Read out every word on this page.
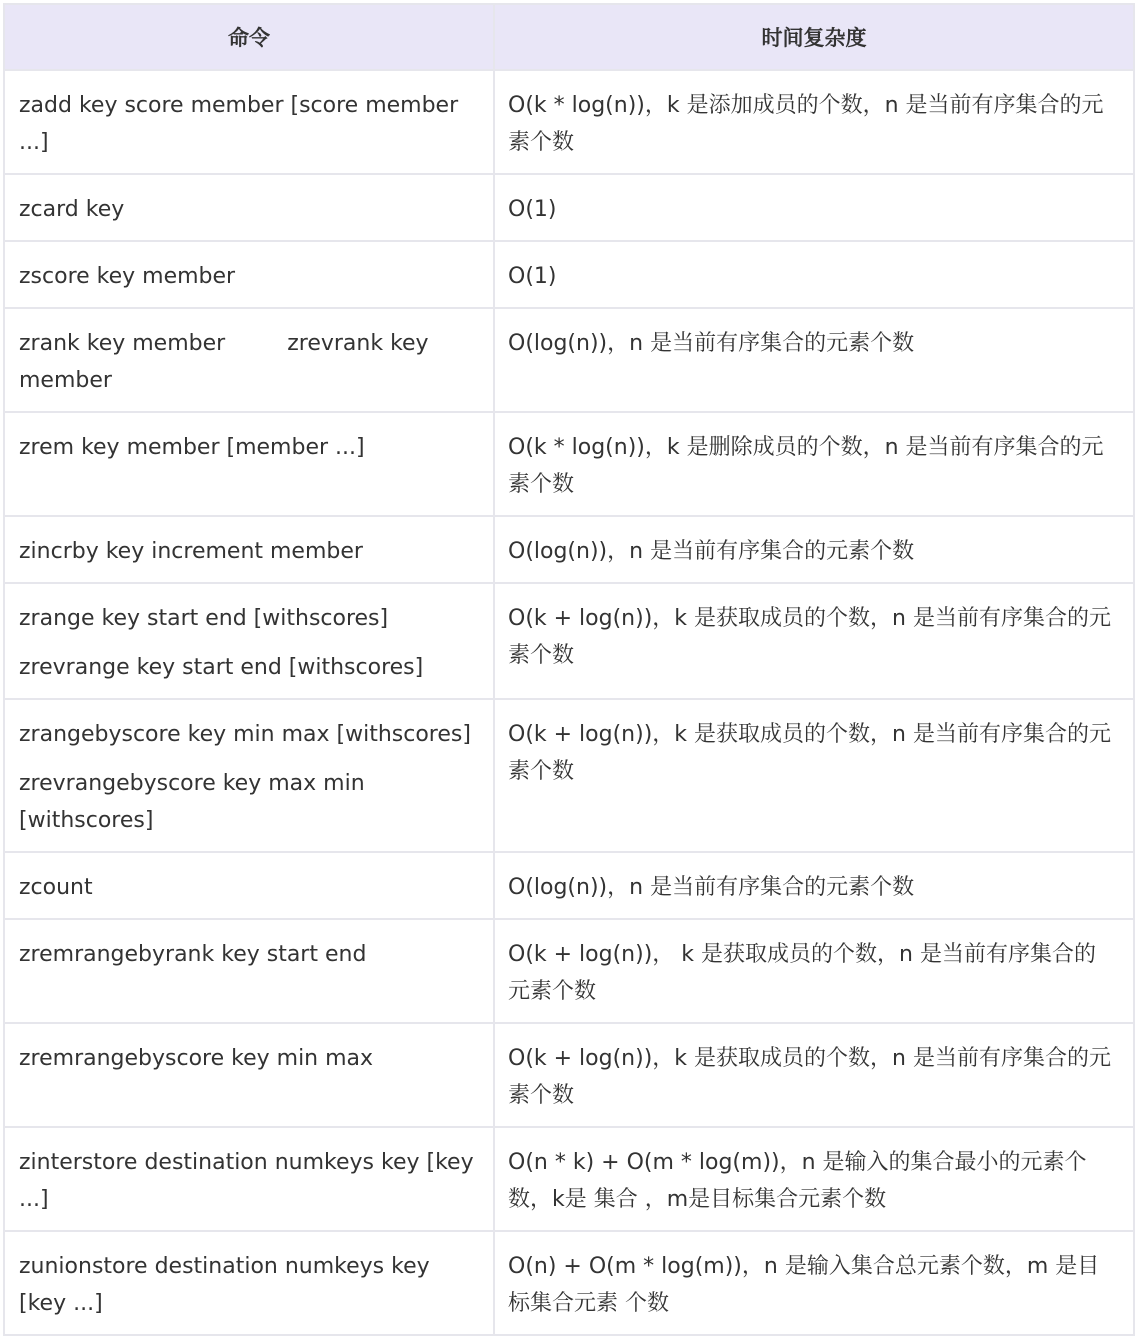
命令	时间复杂度

zadd key score member [score member ...]	O(k * log(n))，k 是添加成员的个数，n 是当前有序集合的元素个数

zcard key	O(1)

zscore key member	O(1)
zrank key member zrevrank key member	O(log(n))，n 是当前有序集合的元素个数

zrem key member [member ...]	O(k * log(n))，k 是删除成员的个数，n 是当前有序集合的元素个数

zincrby key increment member	O(log(n))，n 是当前有序集合的元素个数

zrange key start end [withscores]
zrevrange key start end [withscores]	O(k + log(n))，k 是获取成员的个数，n 是当前有序集合的元素个数

zrangebyscore key min max [withscores]
zrevrangebyscore key max min [withscores]	O(k + log(n))，k 是获取成员的个数，n 是当前有序集合的元素个数

zcount	O(log(n))，n 是当前有序集合的元素个数

zremrangebyrank key start end	O(k + log(n))， k 是获取成员的个数，n 是当前有序集合的元素个数

zremrangebyscore key min max	O(k + log(n))，k 是获取成员的个数，n 是当前有序集合的元素个数

zinterstore destination numkeys key [key ...]	O(n * k) + O(m * log(m))，n 是输入的集合最小的元素个数，k是 集合 ，m是目标集合元素个数

zunionstore destination numkeys key [key ...]	O(n) + O(m * log(m))，n 是输入集合总元素个数，m 是目标集合元素 个数
